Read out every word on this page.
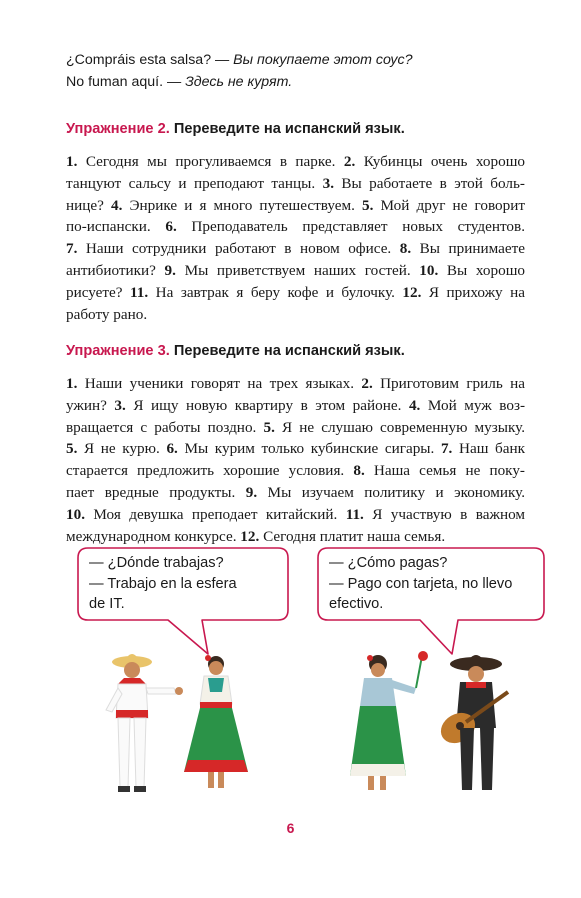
¿Compráis esta salsa? — Вы покупаете этот соус?
No fuman aquí. — Здесь не курят.
Упражнение 2. Переведите на испанский язык.
1. Сегодня мы прогуливаемся в парке. 2. Кубинцы очень хорошо
танцуют сальсу и преподают танцы. 3. Вы работаете в этой боль-
нице? 4. Энрике и я много путешествуем. 5. Мой друг не говорит
по-испански. 6. Преподаватель представляет новых студентов.
7. Наши сотрудники работают в новом офисе. 8. Вы принимаете
антибиотики? 9. Мы приветствуем наших гостей. 10. Вы хорошо
рисуете? 11. На завтрак я беру кофе и булочку. 12. Я прихожу на
работу рано.
Упражнение 3. Переведите на испанский язык.
1. Наши ученики говорят на трех языках. 2. Приготовим гриль на
ужин? 3. Я ищу новую квартиру в этом районе. 4. Мой муж воз-
вращается с работы поздно. 5. Я не слушаю современную музыку.
5. Я не курю. 6. Мы курим только кубинские сигары. 7. Наш банк
старается предложить хорошие условия. 8. Наша семья не поку-
пает вредные продукты. 9. Мы изучаем политику и экономику.
10. Моя девушка преподает китайский. 11. Я участвую в важном
международном конкурсе. 12. Сегодня платит наша семья.
— ¿Dónde trabajas?
— Trabajo en la esfera
de IT.
— ¿Cómo pagas?
— Pago con tarjeta, no llevo
efectivo.
6
